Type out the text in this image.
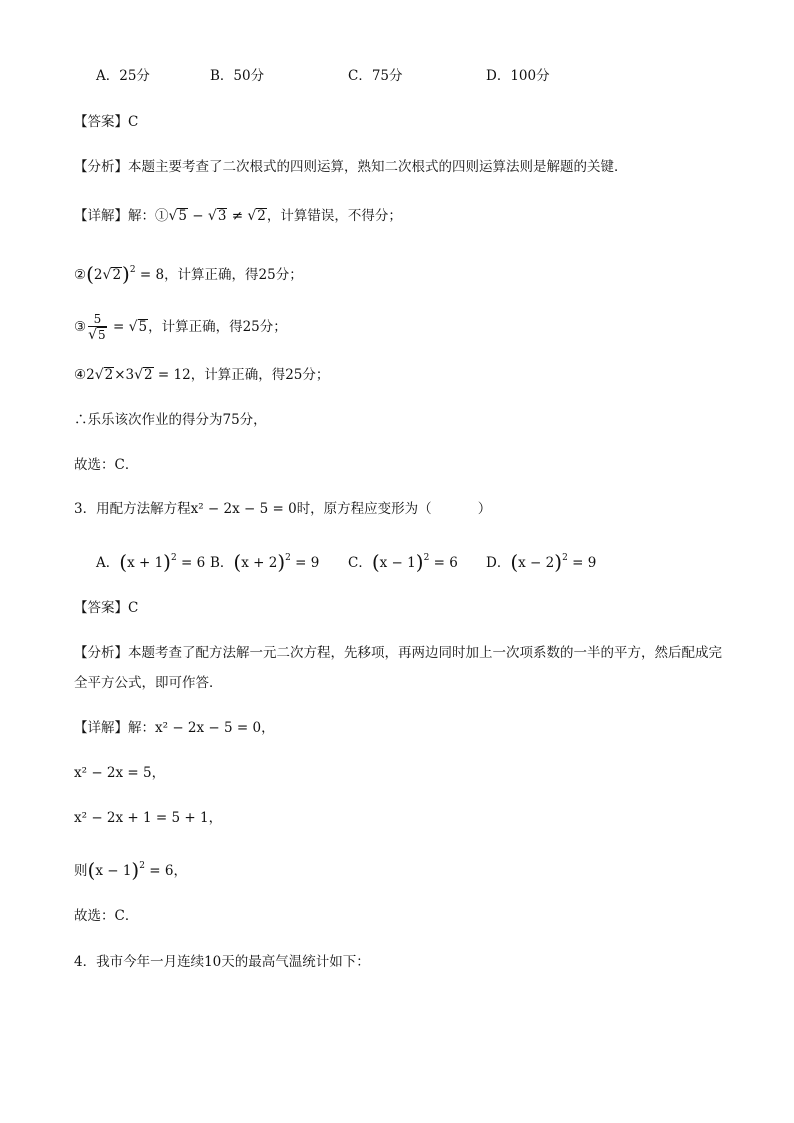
A．25分	B．50分	C．75分	D．100分
【答案】C
【分析】本题主要考查了二次根式的四则运算，熟知二次根式的四则运算法则是解题的关键．
【详解】解：①√5 − √3 ≠ √2，计算错误，不得分；
$②(2√2)^2 = 8$，计算正确，得25分；
③ $\frac{5}{√5} = √5$，计算正确，得25分；
④2√2×3√2 = 12，计算正确，得25分；
∴乐乐该次作业的得分为75分，
故选：C．
3．用配方法解方程x² − 2x − 5 = 0时，原方程应变形为（	）
A．$(x + 1)^2 = 6$ B．$(x + 2)^2 = 9$ C．$(x - 1)^2 = 6$ D．$(x - 2)^2 = 9$
【答案】C
【分析】本题考查了配方法解一元二次方程，先移项，再两边同时加上一次项系数的一半的平方，然后配成完全平方公式，即可作答．
【详解】解：x² − 2x − 5 = 0，
x² − 2x = 5，
x² − 2x + 1 = 5 + 1，
则$(x - 1)^2 = 6$，
故选：C．
4．我市今年一月连续10天的最高气温统计如下：
